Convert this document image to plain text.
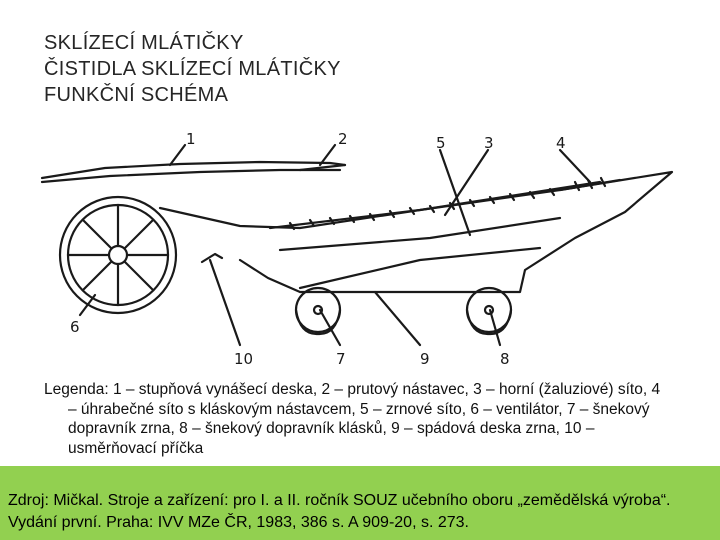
SKLÍZECÍ MLÁTIČKY
ČISTIDLA SKLÍZECÍ MLÁTIČKY
FUNKČNÍ SCHÉMA
1	2	5	3	4
6
10	7	9	8

Legenda: 1 – stupňová vynášecí deska, 2 – prutový nástavec, 3 – horní (žaluziové) síto, 4 – úhrabečné síto s kláskovým nástavcem, 5 – zrnové síto, 6 – ventilátor, 7 – šnekový dopravník zrna, 8 – šnekový dopravník klásků, 9 – spádová deska zrna, 10 – usměrňovací příčka

Zdroj: Mičkal. Stroje a zařízení: pro I. a II. ročník SOUZ učebního oboru „zemědělská výroba“. Vydání první. Praha: IVV MZe ČR, 1983, 386 s. A 909-20, s. 273.
